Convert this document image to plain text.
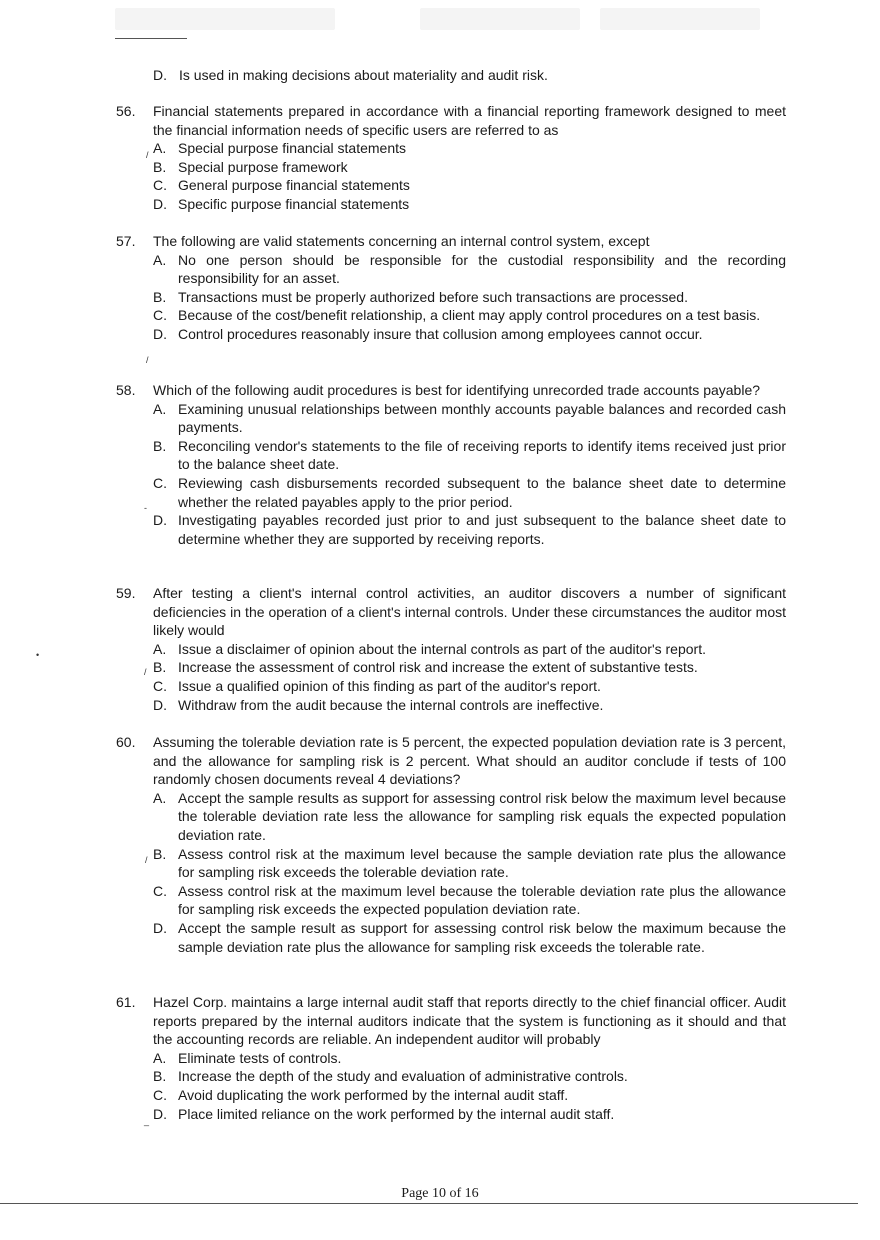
D. Is used in making decisions about materiality and audit risk.
56.	Financial statements prepared in accordance with a financial reporting framework designed to meet the financial information needs of specific users are referred to as
A. Special purpose financial statements
B. Special purpose framework
C. General purpose financial statements
D. Specific purpose financial statements
57.	The following are valid statements concerning an internal control system, except
A. No one person should be responsible for the custodial responsibility and the recording responsibility for an asset.
B. Transactions must be properly authorized before such transactions are processed.
C. Because of the cost/benefit relationship, a client may apply control procedures on a test basis.
D. Control procedures reasonably insure that collusion among employees cannot occur.
58.	Which of the following audit procedures is best for identifying unrecorded trade accounts payable?
A. Examining unusual relationships between monthly accounts payable balances and recorded cash payments.
B. Reconciling vendor's statements to the file of receiving reports to identify items received just prior to the balance sheet date.
C. Reviewing cash disbursements recorded subsequent to the balance sheet date to determine whether the related payables apply to the prior period.
D. Investigating payables recorded just prior to and just subsequent to the balance sheet date to determine whether they are supported by receiving reports.
59.	After testing a client's internal control activities, an auditor discovers a number of significant deficiencies in the operation of a client's internal controls. Under these circumstances the auditor most likely would
A. Issue a disclaimer of opinion about the internal controls as part of the auditor's report.
B. Increase the assessment of control risk and increase the extent of substantive tests.
C. Issue a qualified opinion of this finding as part of the auditor's report.
D. Withdraw from the audit because the internal controls are ineffective.
60.	Assuming the tolerable deviation rate is 5 percent, the expected population deviation rate is 3 percent, and the allowance for sampling risk is 2 percent. What should an auditor conclude if tests of 100 randomly chosen documents reveal 4 deviations?
A. Accept the sample results as support for assessing control risk below the maximum level because the tolerable deviation rate less the allowance for sampling risk equals the expected population deviation rate.
B. Assess control risk at the maximum level because the sample deviation rate plus the allowance for sampling risk exceeds the tolerable deviation rate.
C. Assess control risk at the maximum level because the tolerable deviation rate plus the allowance for sampling risk exceeds the expected population deviation rate.
D. Accept the sample result as support for assessing control risk below the maximum because the sample deviation rate plus the allowance for sampling risk exceeds the tolerable rate.
61.	Hazel Corp. maintains a large internal audit staff that reports directly to the chief financial officer. Audit reports prepared by the internal auditors indicate that the system is functioning as it should and that the accounting records are reliable. An independent auditor will probably
A. Eliminate tests of controls.
B. Increase the depth of the study and evaluation of administrative controls.
C. Avoid duplicating the work performed by the internal audit staff.
D. Place limited reliance on the work performed by the internal audit staff.
/
/
-
/
/
_
•
Page 10 of 16
